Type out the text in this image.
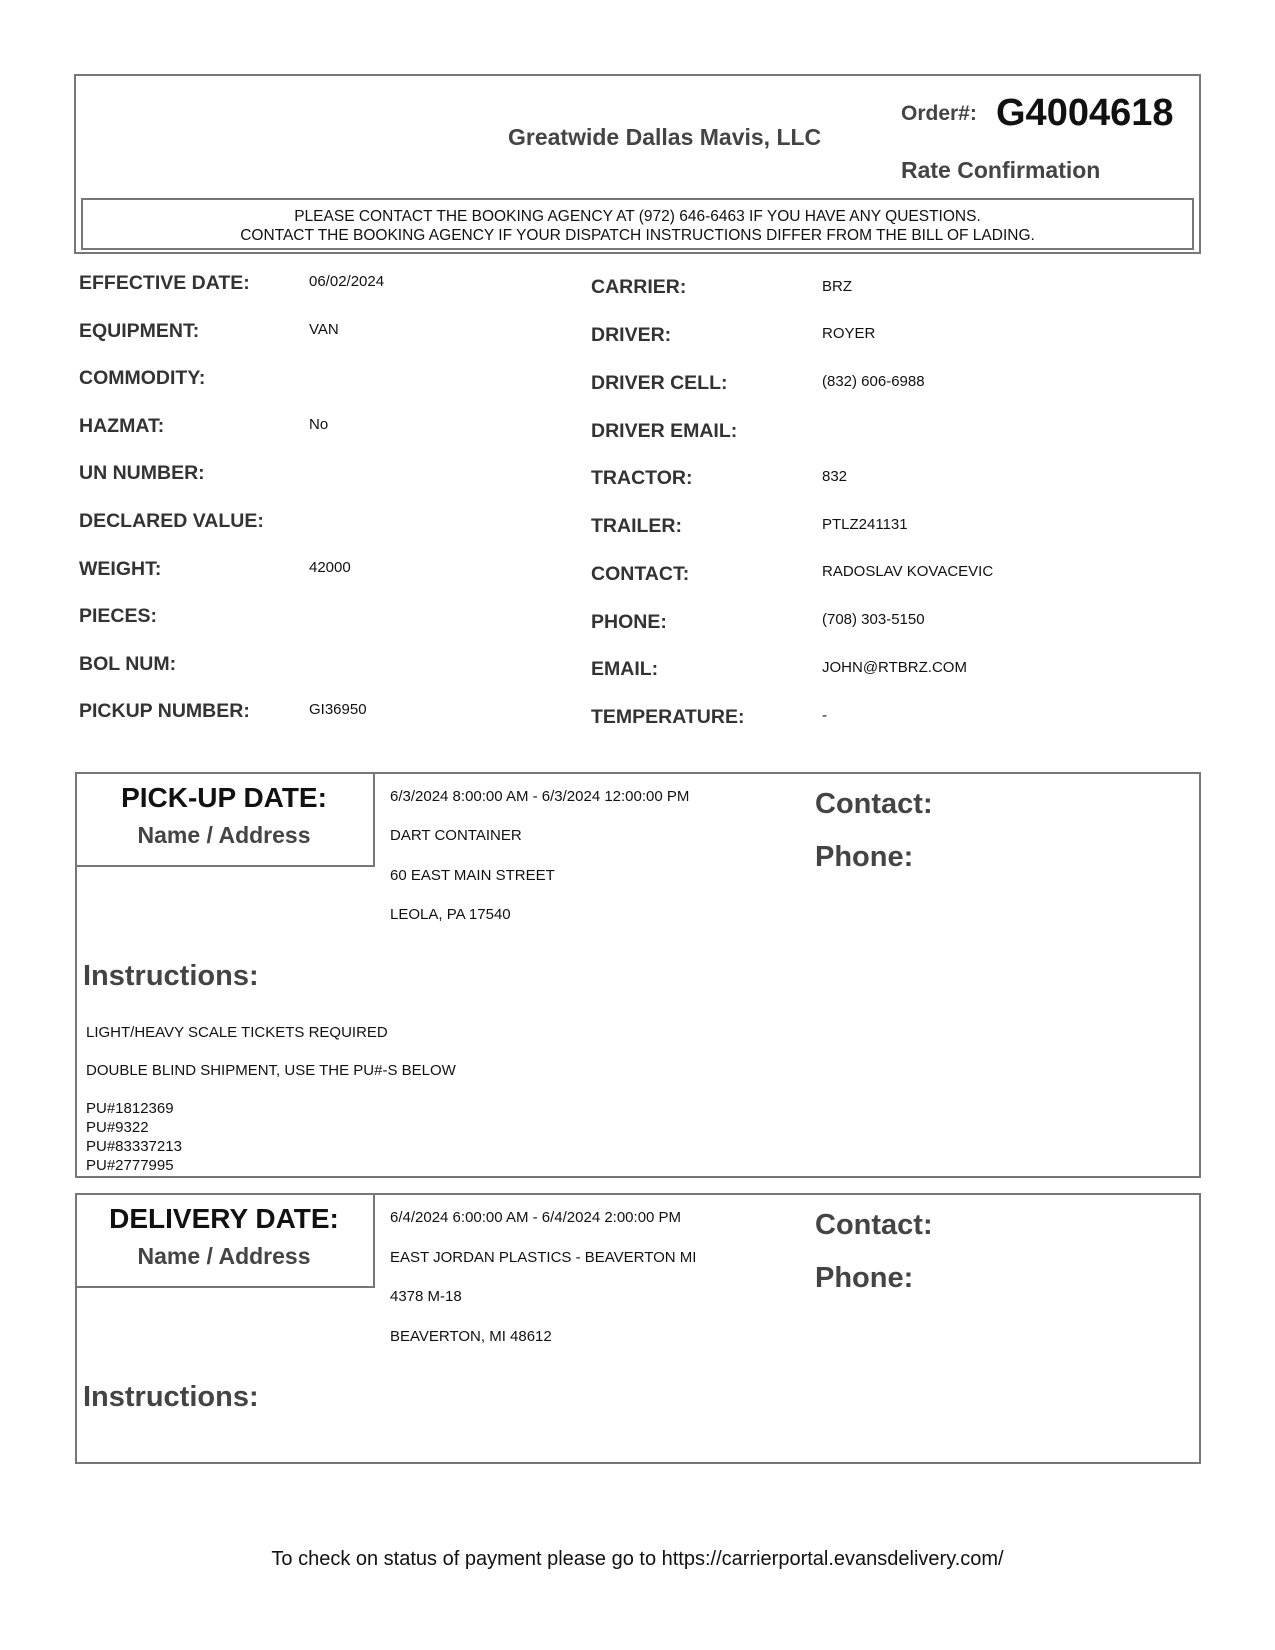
Greatwide Dallas Mavis, LLC
Order#: G4004618
Rate Confirmation
PLEASE CONTACT THE BOOKING AGENCY AT (972) 646-6463 IF YOU HAVE ANY QUESTIONS.
CONTACT THE BOOKING AGENCY IF YOUR DISPATCH INSTRUCTIONS DIFFER FROM THE BILL OF LADING.
EFFECTIVE DATE:	06/02/2024
EQUIPMENT:	VAN
COMMODITY:
HAZMAT:	No
UN NUMBER:
DECLARED VALUE:
WEIGHT:	42000
PIECES:
BOL NUM:
PICKUP NUMBER:	GI36950
CARRIER:	BRZ
DRIVER:	ROYER
DRIVER CELL:	(832) 606-6988
DRIVER EMAIL:
TRACTOR:	832
TRAILER:	PTLZ241131
CONTACT:	RADOSLAV KOVACEVIC
PHONE:	(708) 303-5150
EMAIL:	JOHN@RTBRZ.COM
TEMPERATURE:	-
PICK-UP DATE:
Name / Address
6/3/2024 8:00:00 AM - 6/3/2024 12:00:00 PM
DART CONTAINER
60 EAST MAIN STREET
LEOLA, PA 17540
Contact:
Phone:
Instructions:
LIGHT/HEAVY SCALE TICKETS REQUIRED
DOUBLE BLIND SHIPMENT, USE THE PU#-S BELOW
PU#1812369
PU#9322
PU#83337213
PU#2777995
DELIVERY DATE:
Name / Address
6/4/2024 6:00:00 AM - 6/4/2024 2:00:00 PM
EAST JORDAN PLASTICS - BEAVERTON MI
4378 M-18
BEAVERTON, MI 48612
Contact:
Phone:
Instructions:
To check on status of payment please go to https://carrierportal.evansdelivery.com/
